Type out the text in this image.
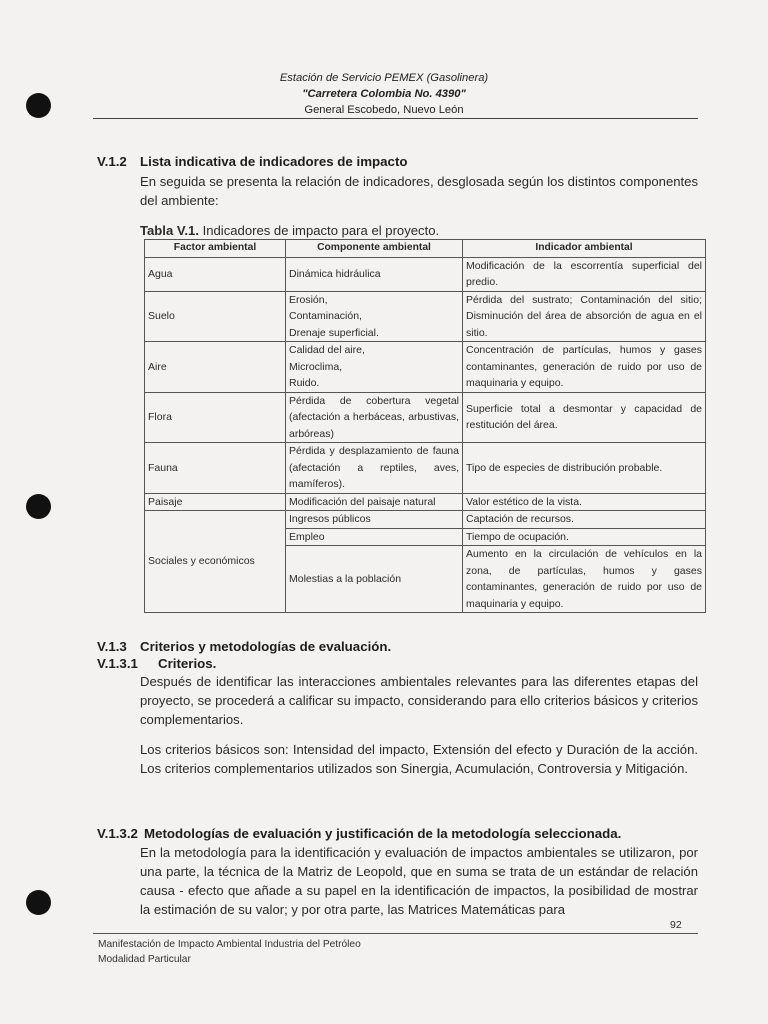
Estación de Servicio PEMEX (Gasolinera)
"Carretera Colombia No. 4390"
General Escobedo, Nuevo León
V.1.2 Lista indicativa de indicadores de impacto
En seguida se presenta la relación de indicadores, desglosada según los distintos componentes del ambiente:
Tabla V.1. Indicadores de impacto para el proyecto.
Factor ambiental	Componente ambiental	Indicador ambiental
Agua	Dinámica hidráulica	Modificación de la escorrentía superficial del predio.
Suelo	Erosión,
Contaminación,
Drenaje superficial.	Pérdida del sustrato; Contaminación del sitio; Disminución del área de absorción de agua en el sitio.
Aire	Calidad del aire,
Microclima,
Ruido.	Concentración de partículas, humos y gases contaminantes, generación de ruido por uso de maquinaria y equipo.
Flora	Pérdida de cobertura vegetal (afectación a herbáceas, arbustivas, arbóreas)	Superficie total a desmontar y capacidad de restitución del área.
Fauna	Pérdida y desplazamiento de fauna (afectación a reptiles, aves, mamíferos).	Tipo de especies de distribución probable.
Paisaje	Modificación del paisaje natural	Valor estético de la vista.
Sociales y económicos	Ingresos públicos	Captación de recursos.
	Empleo	Tiempo de ocupación.
	Molestias a la población	Aumento en la circulación de vehículos en la zona, de partículas, humos y gases contaminantes, generación de ruido por uso de maquinaria y equipo.
V.1.3 Criterios y metodologías de evaluación.
V.1.3.1 Criterios.
Después de identificar las interacciones ambientales relevantes para las diferentes etapas del proyecto, se procederá a calificar su impacto, considerando para ello criterios básicos y criterios complementarios.
Los criterios básicos son: Intensidad del impacto, Extensión del efecto y Duración de la acción. Los criterios complementarios utilizados son Sinergia, Acumulación, Controversia y Mitigación.
V.1.3.2 Metodologías de evaluación y justificación de la metodología seleccionada.
En la metodología para la identificación y evaluación de impactos ambientales se utilizaron, por una parte, la técnica de la Matriz de Leopold, que en suma se trata de un estándar de relación causa - efecto que añade a su papel en la identificación de impactos, la posibilidad de mostrar la estimación de su valor; y por otra parte, las Matrices Matemáticas para
92
Manifestación de Impacto Ambiental Industria del Petróleo
Modalidad Particular
